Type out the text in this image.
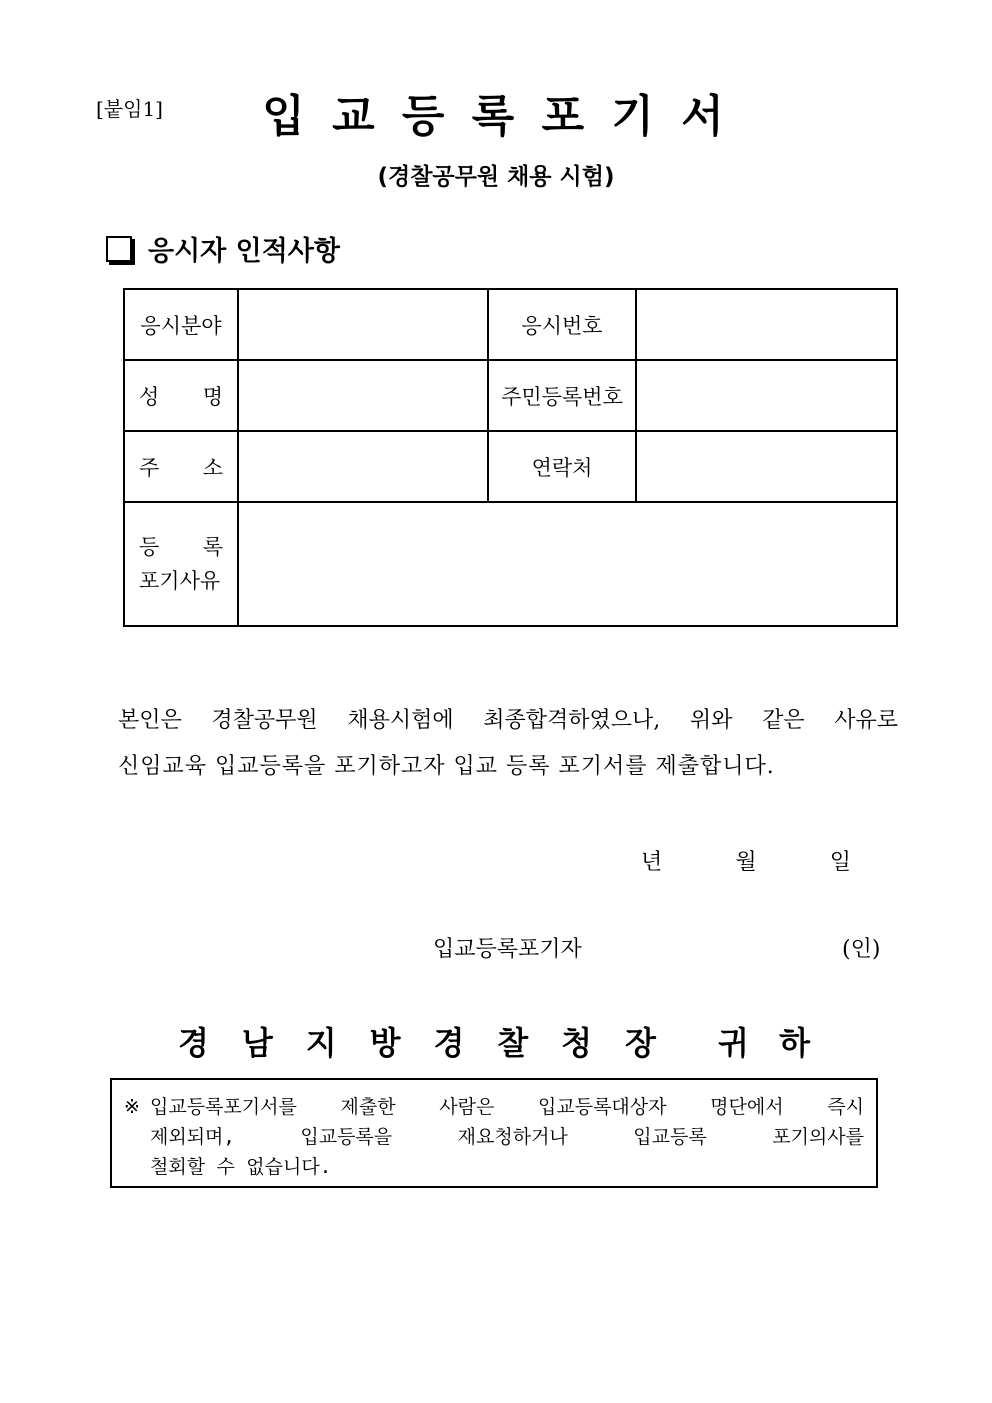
[붙임1]	입 교 등 록 포 기 서
(경찰공무원 채용 시험)
응시자 인적사항
응시분야		응시번호	

성 명		주민등록번호	

주 소		연락처	

등 록
포기사유			

본인은 경찰공무원 채용시험에 최종합격하였으나, 위와 같은 사유로
신임교육 입교등록을 포기하고자 입교 등록 포기서를 제출합니다.
년	월	일
입교등록포기자	(인)
경 남 지 방 경 찰 청 장 귀 하
※ 입교등록포기서를 제출한 사람은 입교등록대상자 명단에서 즉시
제외되며, 입교등록을 재요청하거나 입교등록 포기의사를
철회할 수 없습니다.
